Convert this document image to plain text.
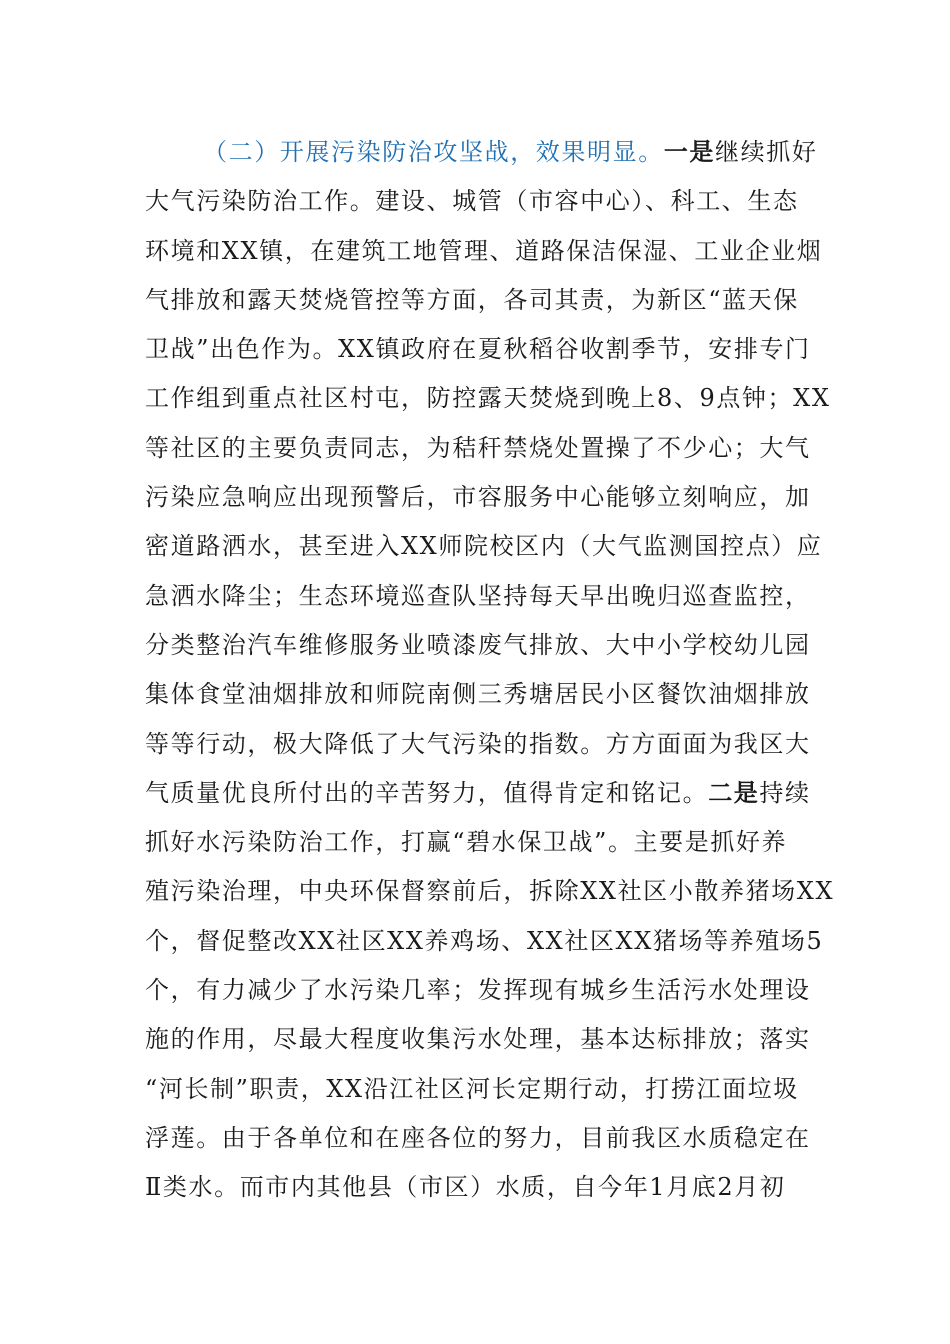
（二）开展污染防治攻坚战，效果明显。一是继续抓好
大气污染防治工作。建设、城管（市容中心）、科工、生态
环境和XX镇，在建筑工地管理、道路保洁保湿、工业企业烟
气排放和露天焚烧管控等方面，各司其责，为新区“蓝天保
卫战”出色作为。XX镇政府在夏秋稻谷收割季节，安排专门
工作组到重点社区村屯，防控露天焚烧到晚上8、9点钟；XX
等社区的主要负责同志，为秸秆禁烧处置操了不少心；大气
污染应急响应出现预警后，市容服务中心能够立刻响应，加
密道路洒水，甚至进入XX师院校区内（大气监测国控点）应
急洒水降尘；生态环境巡查队坚持每天早出晚归巡查监控，
分类整治汽车维修服务业喷漆废气排放、大中小学校幼儿园
集体食堂油烟排放和师院南侧三秀塘居民小区餐饮油烟排放
等等行动，极大降低了大气污染的指数。方方面面为我区大
气质量优良所付出的辛苦努力，值得肯定和铭记。二是持续
抓好水污染防治工作，打赢“碧水保卫战”。主要是抓好养
殖污染治理，中央环保督察前后，拆除XX社区小散养猪场XX
个，督促整改XX社区XX养鸡场、XX社区XX猪场等养殖场5
个，有力减少了水污染几率；发挥现有城乡生活污水处理设
施的作用，尽最大程度收集污水处理，基本达标排放；落实
“河长制”职责，XX沿江社区河长定期行动，打捞江面垃圾
浮莲。由于各单位和在座各位的努力，目前我区水质稳定在
Ⅱ类水。而市内其他县（市区）水质，自今年1月底2月初
